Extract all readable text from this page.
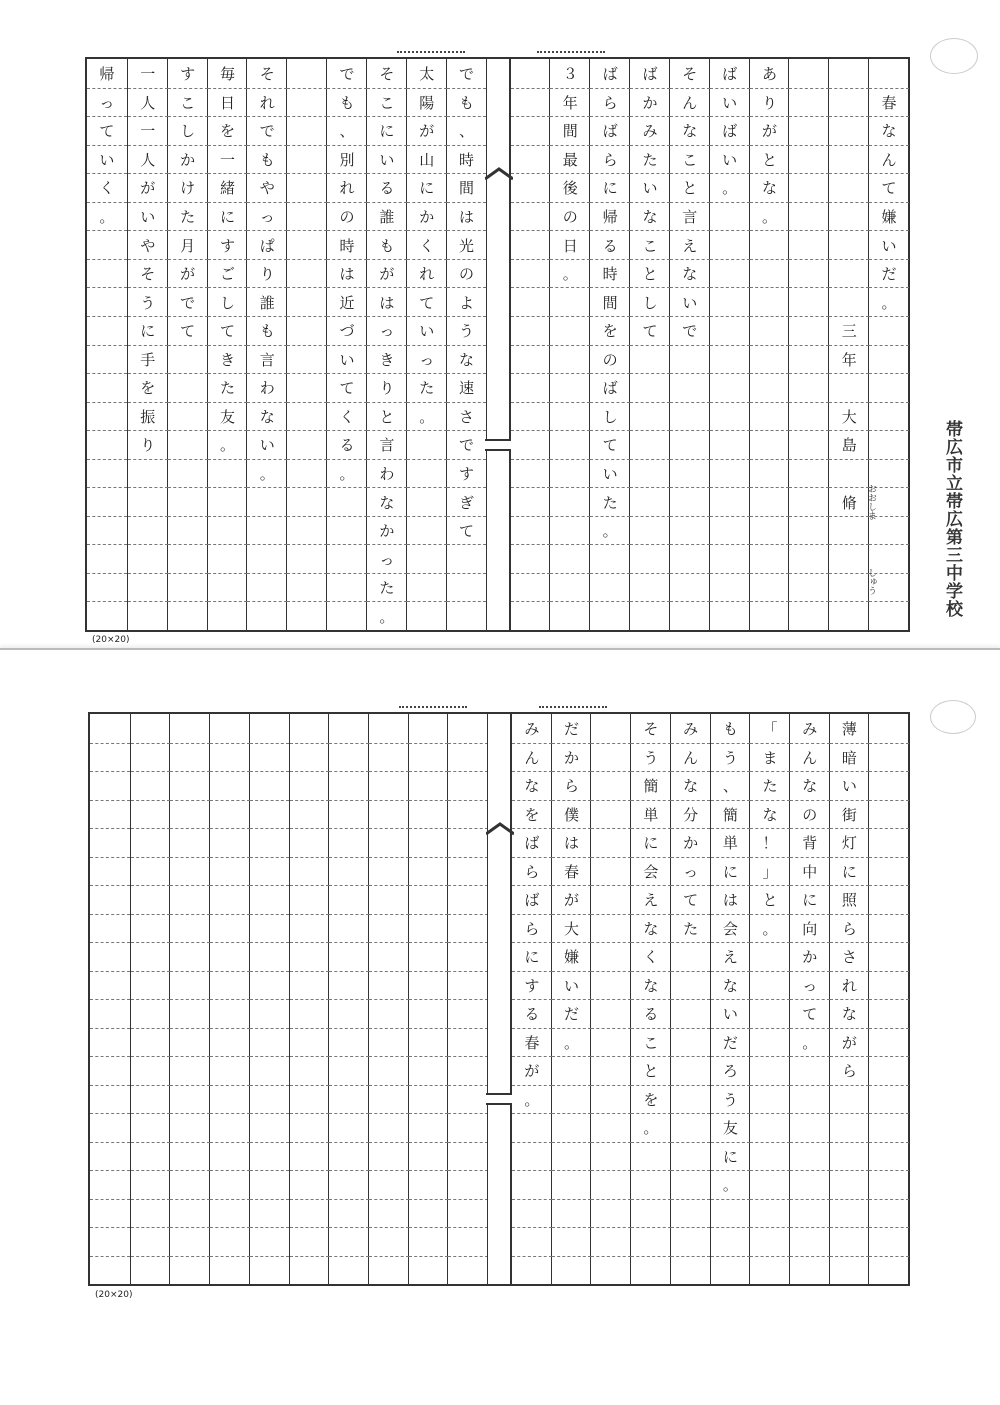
春
な
ん
て
嫌
い
だ
。
三
年
大
島
脩
あ
り
が
と
な
。
ば
い
ば
い
。
そ
ん
な
こ
と
言
え
な
い
で
ば
か
み
た
い
な
こ
と
し
て
ば
ら
ば
ら
に
帰
る
時
間
を
の
ば
し
て
い
た
。
３
年
間
最
後
の
日
。
で
も
、
時
間
は
光
の
よ
う
な
速
さ
で
す
ぎ
て
太
陽
が
山
に
か
く
れ
て
い
っ
た
。
そ
こ
に
い
る
誰
も
が
は
っ
き
り
と
言
わ
な
か
っ
た
。
で
も
、
別
れ
の
時
は
近
づ
い
て
く
る
。
そ
れ
で
も
や
っ
ぱ
り
誰
も
言
わ
な
い
。
毎
日
を
一
緒
に
す
ご
し
て
き
た
友
。
す
こ
し
か
け
た
月
が
で
て
一
人
一
人
が
い
や
そ
う
に
手
を
振
り
帰
っ
て
い
く
。
帯広市立帯広第三中学校
おおしま
しゅう
(20×20)
薄
暗
い
街
灯
に
照
ら
さ
れ
な
が
ら
み
ん
な
の
背
中
に
向
か
っ
て
。
「
ま
た
な
！
」
と
。
も
う
、
簡
単
に
は
会
え
な
い
だ
ろ
う
友
に
。
み
ん
な
分
か
っ
て
た
そ
う
簡
単
に
会
え
な
く
な
る
こ
と
を
。
だ
か
ら
僕
は
春
が
大
嫌
い
だ
。
み
ん
な
を
ば
ら
ば
ら
に
す
る
春
が
。
(20×20)
